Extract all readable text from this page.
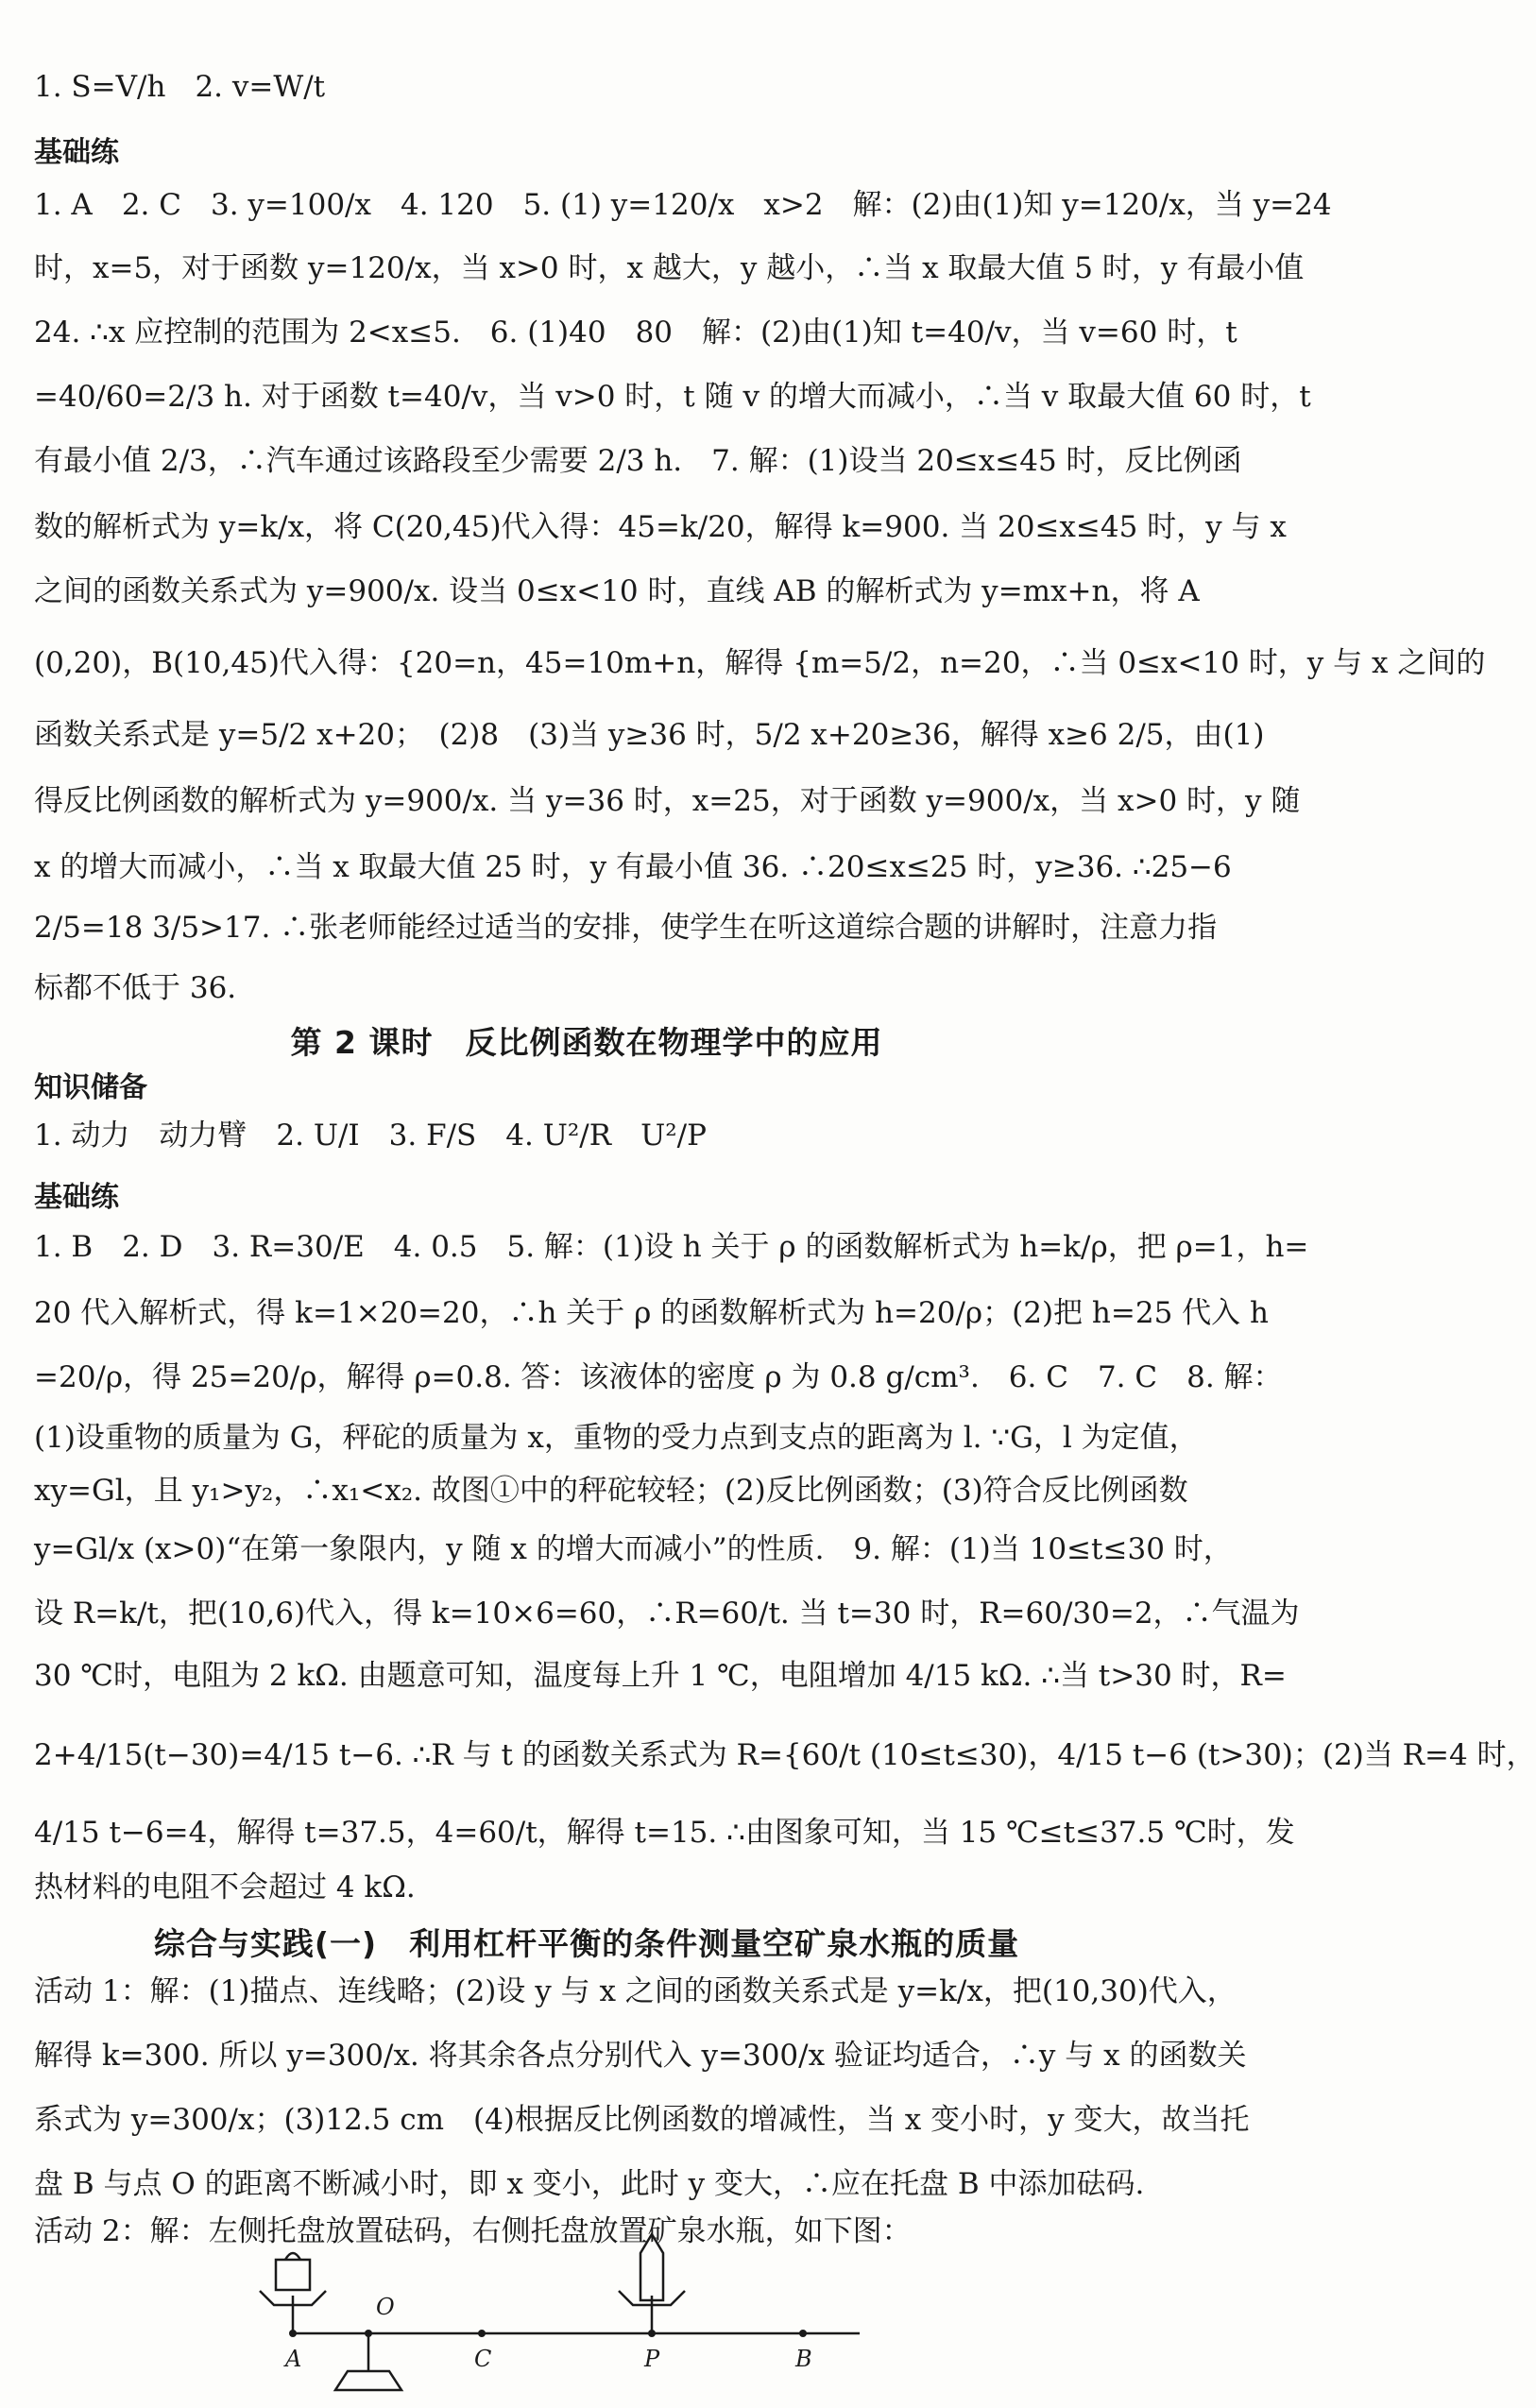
1. S=V/h　2. v=W/t
基础练
1. A　2. C　3. y=100/x　4. 120　5. (1) y=120/x　x>2　解：(2)由(1)知 y=120/x，当 y=24
时，x=5，对于函数 y=120/x，当 x>0 时，x 越大，y 越小，∴当 x 取最大值 5 时，y 有最小值
24. ∴x 应控制的范围为 2<x≤5.　6. (1)40　80　解：(2)由(1)知 t=40/v，当 v=60 时，t
=40/60=2/3 h. 对于函数 t=40/v，当 v>0 时，t 随 v 的增大而减小，∴当 v 取最大值 60 时，t
有最小值 2/3，∴汽车通过该路段至少需要 2/3 h.　7. 解：(1)设当 20≤x≤45 时，反比例函
数的解析式为 y=k/x，将 C(20,45)代入得：45=k/20，解得 k=900. 当 20≤x≤45 时，y 与 x
之间的函数关系式为 y=900/x. 设当 0≤x<10 时，直线 AB 的解析式为 y=mx+n，将 A
(0,20)，B(10,45)代入得：{20=n，45=10m+n，解得 {m=5/2，n=20，∴当 0≤x<10 时，y 与 x 之间的
函数关系式是 y=5/2 x+20；　(2)8　(3)当 y≥36 时，5/2 x+20≥36，解得 x≥6 2/5，由(1)
得反比例函数的解析式为 y=900/x. 当 y=36 时，x=25，对于函数 y=900/x，当 x>0 时，y 随
x 的增大而减小，∴当 x 取最大值 25 时，y 有最小值 36. ∴20≤x≤25 时，y≥36. ∴25−6
2/5=18 3/5>17. ∴张老师能经过适当的安排，使学生在听这道综合题的讲解时，注意力指
标都不低于 36.
第 2 课时　反比例函数在物理学中的应用
知识储备
1. 动力　动力臂　2. U/I　3. F/S　4. U²/R　U²/P
基础练
1. B　2. D　3. R=30/E　4. 0.5　5. 解：(1)设 h 关于 ρ 的函数解析式为 h=k/ρ，把 ρ=1，h=
20 代入解析式，得 k=1×20=20，∴h 关于 ρ 的函数解析式为 h=20/ρ；(2)把 h=25 代入 h
=20/ρ，得 25=20/ρ，解得 ρ=0.8. 答：该液体的密度 ρ 为 0.8 g/cm³.　6. C　7. C　8. 解：
(1)设重物的质量为 G，秤砣的质量为 x，重物的受力点到支点的距离为 l. ∵G，l 为定值，
xy=Gl，且 y₁>y₂，∴x₁<x₂. 故图①中的秤砣较轻；(2)反比例函数；(3)符合反比例函数
y=Gl/x (x>0)“在第一象限内，y 随 x 的增大而减小”的性质.　9. 解：(1)当 10≤t≤30 时，
设 R=k/t，把(10,6)代入，得 k=10×6=60，∴R=60/t. 当 t=30 时，R=60/30=2，∴气温为
30 ℃时，电阻为 2 kΩ. 由题意可知，温度每上升 1 ℃，电阻增加 4/15 kΩ. ∴当 t>30 时，R=
2+4/15(t−30)=4/15 t−6. ∴R 与 t 的函数关系式为 R={60/t (10≤t≤30)，4/15 t−6 (t>30)；(2)当 R=4 时，
4/15 t−6=4，解得 t=37.5，4=60/t，解得 t=15. ∴由图象可知，当 15 ℃≤t≤37.5 ℃时，发
热材料的电阻不会超过 4 kΩ.
综合与实践(一)　利用杠杆平衡的条件测量空矿泉水瓶的质量
活动 1：解：(1)描点、连线略；(2)设 y 与 x 之间的函数关系式是 y=k/x，把(10,30)代入，
解得 k=300. 所以 y=300/x. 将其余各点分别代入 y=300/x 验证均适合，∴y 与 x 的函数关
系式为 y=300/x；(3)12.5 cm　(4)根据反比例函数的增减性，当 x 变小时，y 变大，故当托
盘 B 与点 O 的距离不断减小时，即 x 变小，此时 y 变大，∴应在托盘 B 中添加砝码.
活动 2：解：左侧托盘放置砝码，右侧托盘放置矿泉水瓶，如下图：
A
O
C	P	B
